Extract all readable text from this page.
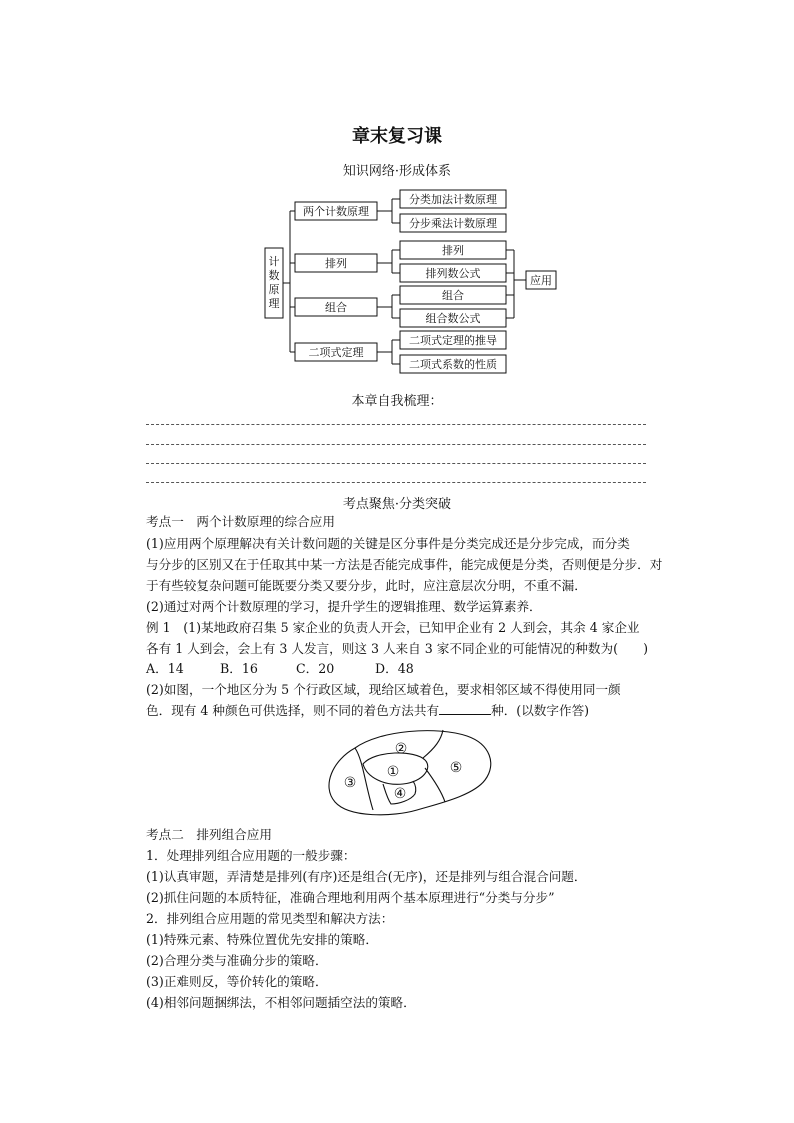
章末复习课
知识网络·形成体系
计
数
原
理
两个计数原理
排列
组合
二项式定理
分类加法计数原理
分步乘法计数原理
排列
排列数公式
组合
组合数公式
二项式定理的推导
二项式系数的性质
应用
本章自我梳理：
考点聚焦·分类突破
考点一　两个计数原理的综合应用
(1)应用两个原理解决有关计数问题的关键是区分事件是分类完成还是分步完成，而分类
与分步的区别又在于任取其中某一方法是否能完成事件，能完成便是分类，否则便是分步．对
于有些较复杂问题可能既要分类又要分步，此时，应注意层次分明，不重不漏．
(2)通过对两个计数原理的学习，提升学生的逻辑推理、数学运算素养．
例 1　(1)某地政府召集 5 家企业的负责人开会，已知甲企业有 2 人到会，其余 4 家企业
各有 1 人到会，会上有 3 人发言，则这 3 人来自 3 家不同企业的可能情况的种数为(　　)
A．14	B．16	C．20	D．48
(2)如图，一个地区分为 5 个行政区域，现给区域着色，要求相邻区域不得使用同一颜
色．现有 4 种颜色可供选择，则不同的着色方法共有	种．(以数字作答)
①
②
③
④
⑤
考点二　排列组合应用
1．处理排列组合应用题的一般步骤：
(1)认真审题，弄清楚是排列(有序)还是组合(无序)，还是排列与组合混合问题．
(2)抓住问题的本质特征，准确合理地利用两个基本原理进行“分类与分步”
2．排列组合应用题的常见类型和解决方法：
(1)特殊元素、特殊位置优先安排的策略．
(2)合理分类与准确分步的策略．
(3)正难则反，等价转化的策略．
(4)相邻问题捆绑法，不相邻问题插空法的策略．
